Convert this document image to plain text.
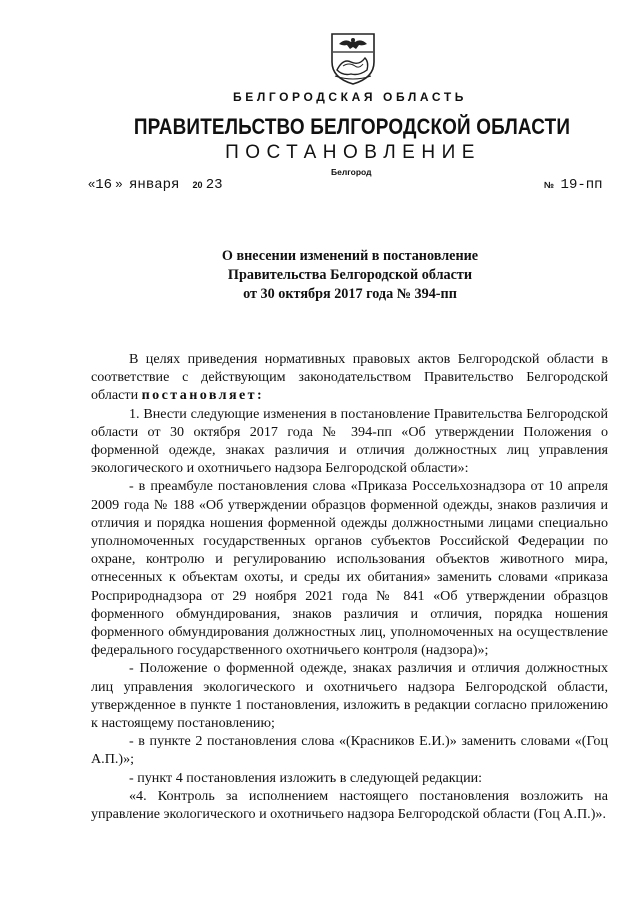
БЕЛГОРОДСКАЯ ОБЛАСТЬ
ПРАВИТЕЛЬСТВО БЕЛГОРОДСКОЙ ОБЛАСТИ
ПОСТАНОВЛЕНИЕ
Белгород
«16 » января 20 23	№ 19-пп
О внесении изменений в постановление
Правительства Белгородской области
от 30 октября 2017 года № 394-пп

В целях приведения нормативных правовых актов Белгородской области в соответствие с действующим законодательством Правительство Белгородской области постановляет:

1. Внести следующие изменения в постановление Правительства Белгородской области от 30 октября 2017 года № 394-пп «Об утверждении Положения о форменной одежде, знаках различия и отличия должностных лиц управления экологического и охотничьего надзора Белгородской области»:

- в преамбуле постановления слова «Приказа Россельхознадзора от 10 апреля 2009 года № 188 «Об утверждении образцов форменной одежды, знаков различия и отличия и порядка ношения форменной одежды должностными лицами специально уполномоченных государственных органов субъектов Российской Федерации по охране, контролю и регулированию использования объектов животного мира, отнесенных к объектам охоты, и среды их обитания» заменить словами «приказа Росприроднадзора от 29 ноября 2021 года № 841 «Об утверждении образцов форменного обмундирования, знаков различия и отличия, порядка ношения форменного обмундирования должностных лиц, уполномоченных на осуществление федерального государственного охотничьего контроля (надзора)»;

- Положение о форменной одежде, знаках различия и отличия должностных лиц управления экологического и охотничьего надзора Белгородской области, утвержденное в пункте 1 постановления, изложить в редакции согласно приложению к настоящему постановлению;

- в пункте 2 постановления слова «(Красников Е.И.)» заменить словами «(Гоц А.П.)»;

- пункт 4 постановления изложить в следующей редакции:

«4. Контроль за исполнением настоящего постановления возложить на управление экологического и охотничьего надзора Белгородской области (Гоц А.П.)».
